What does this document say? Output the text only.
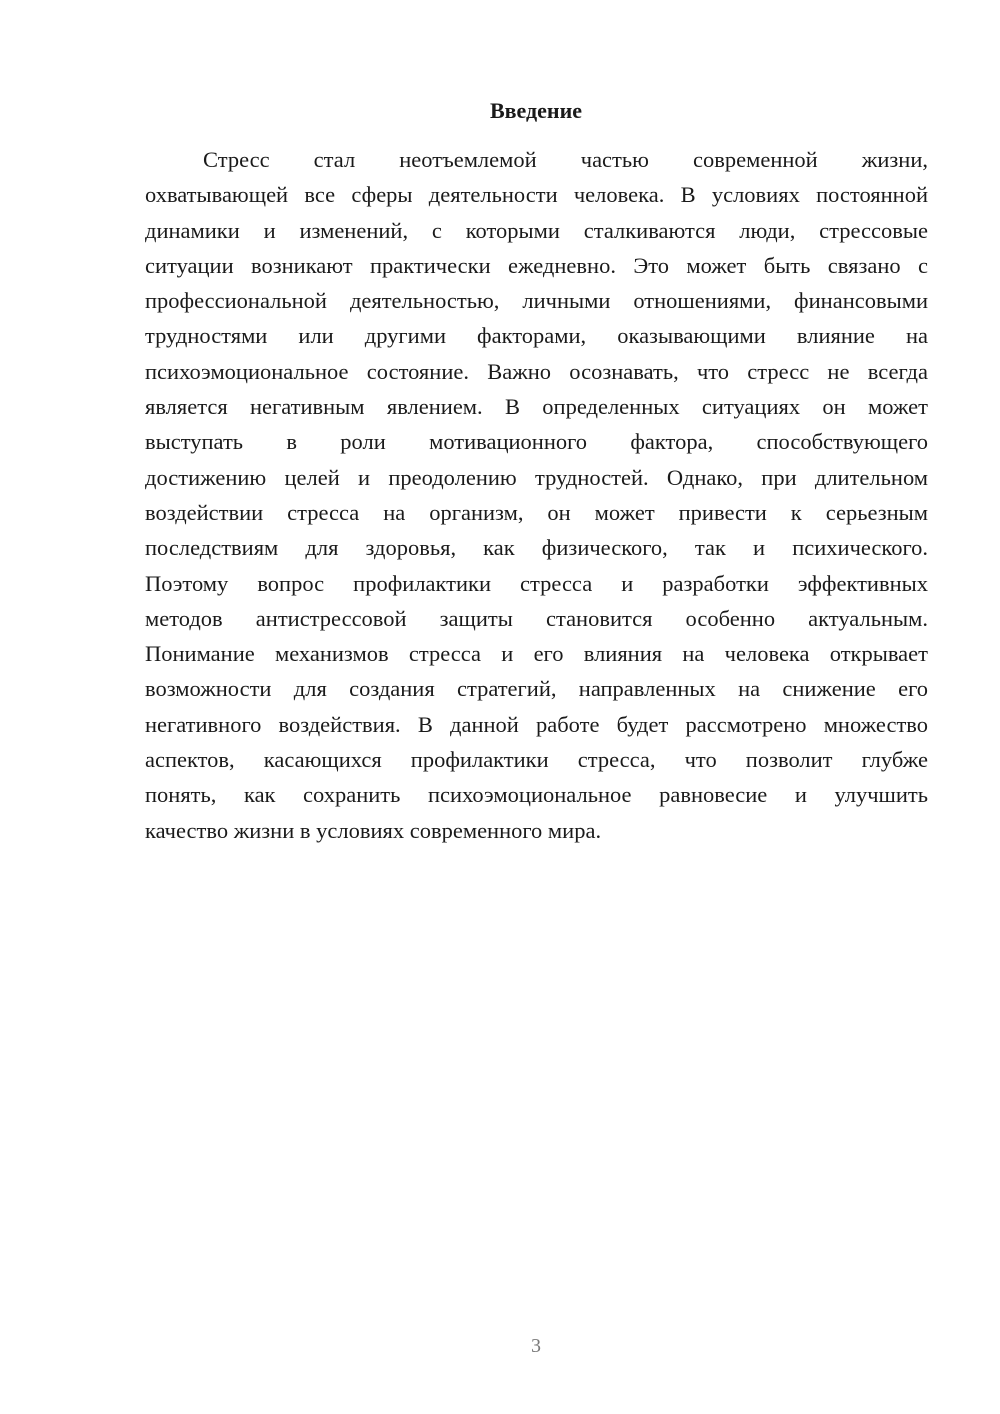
Введение
Стресс стал неотъемлемой частью современной жизни,
охватывающей все сферы деятельности человека. В условиях постоянной
динамики и изменений, с которыми сталкиваются люди, стрессовые
ситуации возникают практически ежедневно. Это может быть связано с
профессиональной деятельностью, личными отношениями, финансовыми
трудностями или другими факторами, оказывающими влияние на
психоэмоциональное состояние. Важно осознавать, что стресс не всегда
является негативным явлением. В определенных ситуациях он может
выступать в роли мотивационного фактора, способствующего
достижению целей и преодолению трудностей. Однако, при длительном
воздействии стресса на организм, он может привести к серьезным
последствиям для здоровья, как физического, так и психического.
Поэтому вопрос профилактики стресса и разработки эффективных
методов антистрессовой защиты становится особенно актуальным.
Понимание механизмов стресса и его влияния на человека открывает
возможности для создания стратегий, направленных на снижение его
негативного воздействия. В данной работе будет рассмотрено множество
аспектов, касающихся профилактики стресса, что позволит глубже
понять, как сохранить психоэмоциональное равновесие и улучшить
качество жизни в условиях современного мира.
3
